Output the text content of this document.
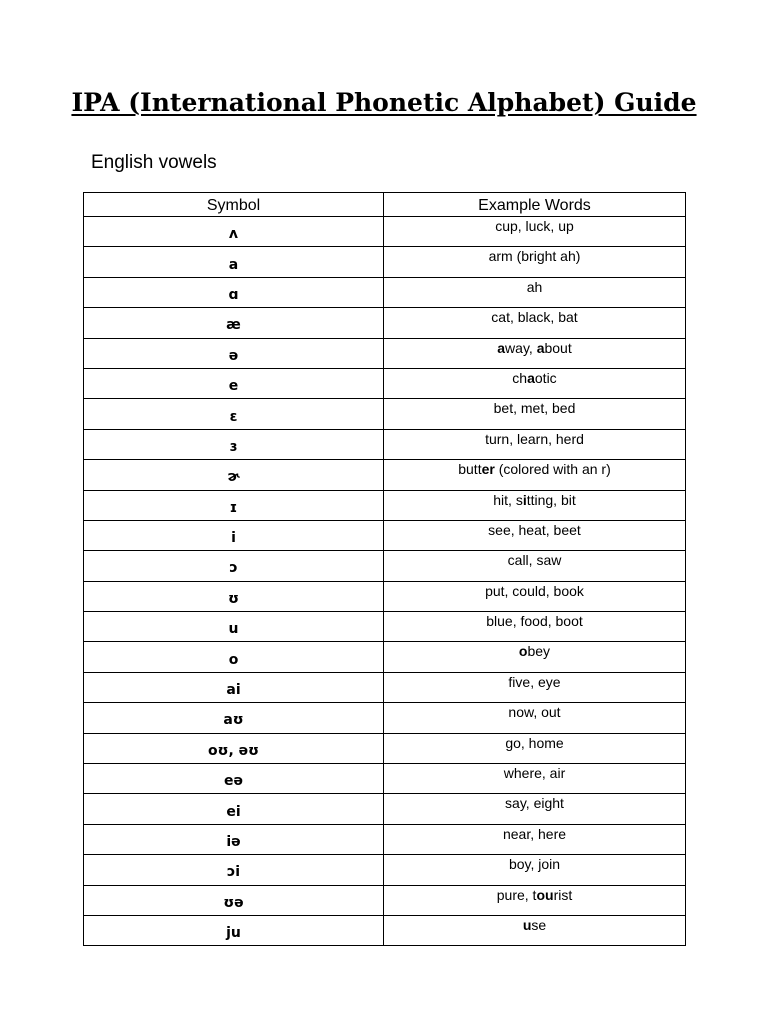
IPA (International Phonetic Alphabet) Guide
English vowels
Symbol	Example Words
ʌ	cup, luck, up
a	arm (bright ah)
ɑ	ah
æ	cat, black, bat
ə	away, about
e	chaotic
ɛ	bet, met, bed
ɜ	turn, learn, herd
ɚ	butter (colored with an r)
ɪ	hit, sitting, bit
i	see, heat, beet
ɔ	call, saw
ʊ	put, could, book
u	blue, food, boot
o	obey
ai	five, eye
aʊ	now, out
oʊ, əʊ	go, home
eə	where, air
ei	say, eight
iə	near, here
ɔi	boy, join
ʊə	pure, tourist
ju	use
